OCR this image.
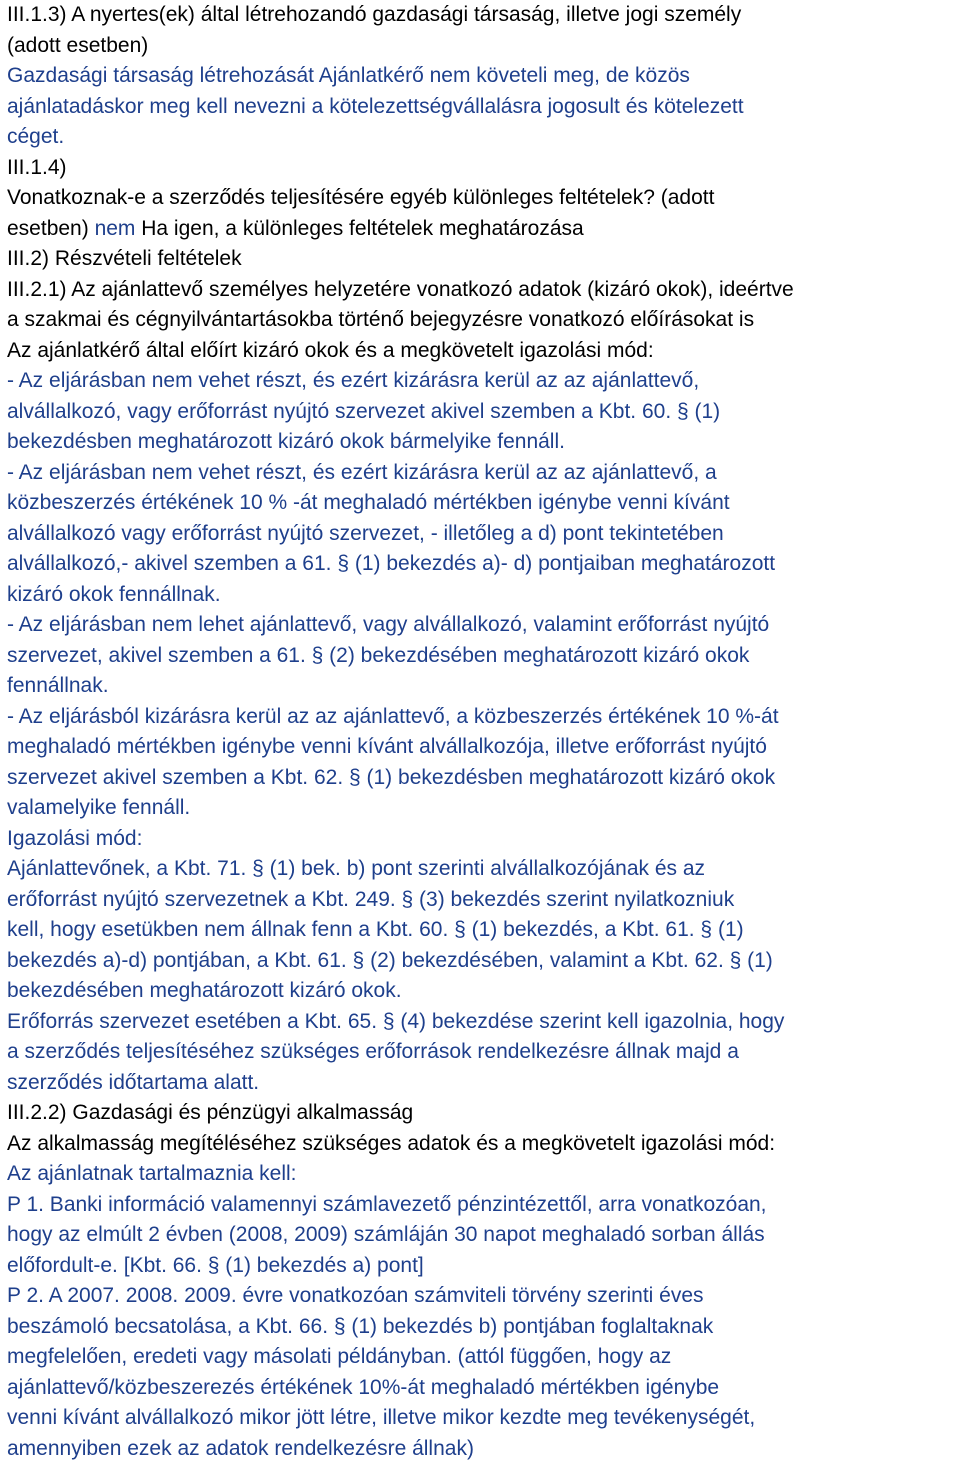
III.1.3) A nyertes(ek) által létrehozandó gazdasági társaság, illetve jogi személy
(adott esetben)
Gazdasági társaság létrehozását Ajánlatkérő nem követeli meg, de közös
ajánlatadáskor meg kell nevezni a kötelezettségvállalásra jogosult és kötelezett
céget.
III.1.4)
Vonatkoznak-e a szerződés teljesítésére egyéb különleges feltételek? (adott
esetben) nem Ha igen, a különleges feltételek meghatározása
III.2) Részvételi feltételek
III.2.1) Az ajánlattevő személyes helyzetére vonatkozó adatok (kizáró okok), ideértve
a szakmai és cégnyilvántartásokba történő bejegyzésre vonatkozó előírásokat is
Az ajánlatkérő által előírt kizáró okok és a megkövetelt igazolási mód:
- Az eljárásban nem vehet részt, és ezért kizárásra kerül az az ajánlattevő,
alvállalkozó, vagy erőforrást nyújtó szervezet akivel szemben a Kbt. 60. § (1)
bekezdésben meghatározott kizáró okok bármelyike fennáll.
- Az eljárásban nem vehet részt, és ezért kizárásra kerül az az ajánlattevő, a
közbeszerzés értékének 10 % -át meghaladó mértékben igénybe venni kívánt
alvállalkozó vagy erőforrást nyújtó szervezet, - illetőleg a d) pont tekintetében
alvállalkozó,- akivel szemben a 61. § (1) bekezdés a)- d) pontjaiban meghatározott
kizáró okok fennállnak.
- Az eljárásban nem lehet ajánlattevő, vagy alvállalkozó, valamint erőforrást nyújtó
szervezet, akivel szemben a 61. § (2) bekezdésében meghatározott kizáró okok
fennállnak.
- Az eljárásból kizárásra kerül az az ajánlattevő, a közbeszerzés értékének 10 %-át
meghaladó mértékben igénybe venni kívánt alvállalkozója, illetve erőforrást nyújtó
szervezet akivel szemben a Kbt. 62. § (1) bekezdésben meghatározott kizáró okok
valamelyike fennáll.
Igazolási mód:
Ajánlattevőnek, a Kbt. 71. § (1) bek. b) pont szerinti alvállalkozójának és az
erőforrást nyújtó szervezetnek a Kbt. 249. § (3) bekezdés szerint nyilatkozniuk
kell, hogy esetükben nem állnak fenn a Kbt. 60. § (1) bekezdés, a Kbt. 61. § (1)
bekezdés a)-d) pontjában, a Kbt. 61. § (2) bekezdésében, valamint a Kbt. 62. § (1)
bekezdésében meghatározott kizáró okok.
Erőforrás szervezet esetében a Kbt. 65. § (4) bekezdése szerint kell igazolnia, hogy
a szerződés teljesítéséhez szükséges erőforrások rendelkezésre állnak majd a
szerződés időtartama alatt.
III.2.2) Gazdasági és pénzügyi alkalmasság
Az alkalmasság megítéléséhez szükséges adatok és a megkövetelt igazolási mód:
Az ajánlatnak tartalmaznia kell:
P 1. Banki információ valamennyi számlavezető pénzintézettől, arra vonatkozóan,
hogy az elmúlt 2 évben (2008, 2009) számláján 30 napot meghaladó sorban állás
előfordult-e. [Kbt. 66. § (1) bekezdés a) pont]
P 2. A 2007. 2008. 2009. évre vonatkozóan számviteli törvény szerinti éves
beszámoló becsatolása, a Kbt. 66. § (1) bekezdés b) pontjában foglaltaknak
megfelelően, eredeti vagy másolati példányban. (attól függően, hogy az
ajánlattevő/közbeszerezés értékének 10%-át meghaladó mértékben igénybe
venni kívánt alvállalkozó mikor jött létre, illetve mikor kezdte meg tevékenységét,
amennyiben ezek az adatok rendelkezésre állnak)
